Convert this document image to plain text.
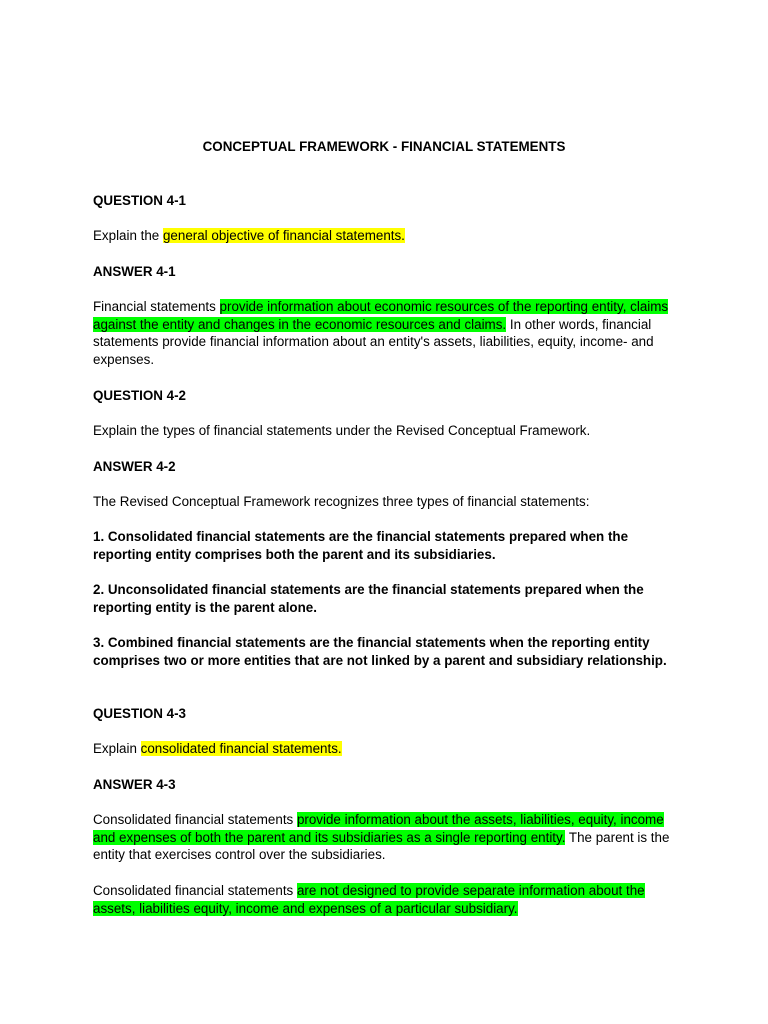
CONCEPTUAL FRAMEWORK - FINANCIAL STATEMENTS
QUESTION 4-1
Explain the general objective of financial statements.
ANSWER 4-1
Financial statements provide information about economic resources of the reporting entity, claims against the entity and changes in the economic resources and claims. In other words, financial statements provide financial information about an entity's assets, liabilities, equity, income- and expenses.
QUESTION 4-2
Explain the types of financial statements under the Revised Conceptual Framework.
ANSWER 4-2
The Revised Conceptual Framework recognizes three types of financial statements:
1. Consolidated financial statements are the financial statements prepared when the reporting entity comprises both the parent and its subsidiaries.
2. Unconsolidated financial statements are the financial statements prepared when the reporting entity is the parent alone.
3. Combined financial statements are the financial statements when the reporting entity comprises two or more entities that are not linked by a parent and subsidiary relationship.
QUESTION 4-3
Explain consolidated financial statements.
ANSWER 4-3
Consolidated financial statements provide information about the assets, liabilities, equity, income and expenses of both the parent and its subsidiaries as a single reporting entity. The parent is the entity that exercises control over the subsidiaries.
Consolidated financial statements are not designed to provide separate information about the assets, liabilities equity, income and expenses of a particular subsidiary.
